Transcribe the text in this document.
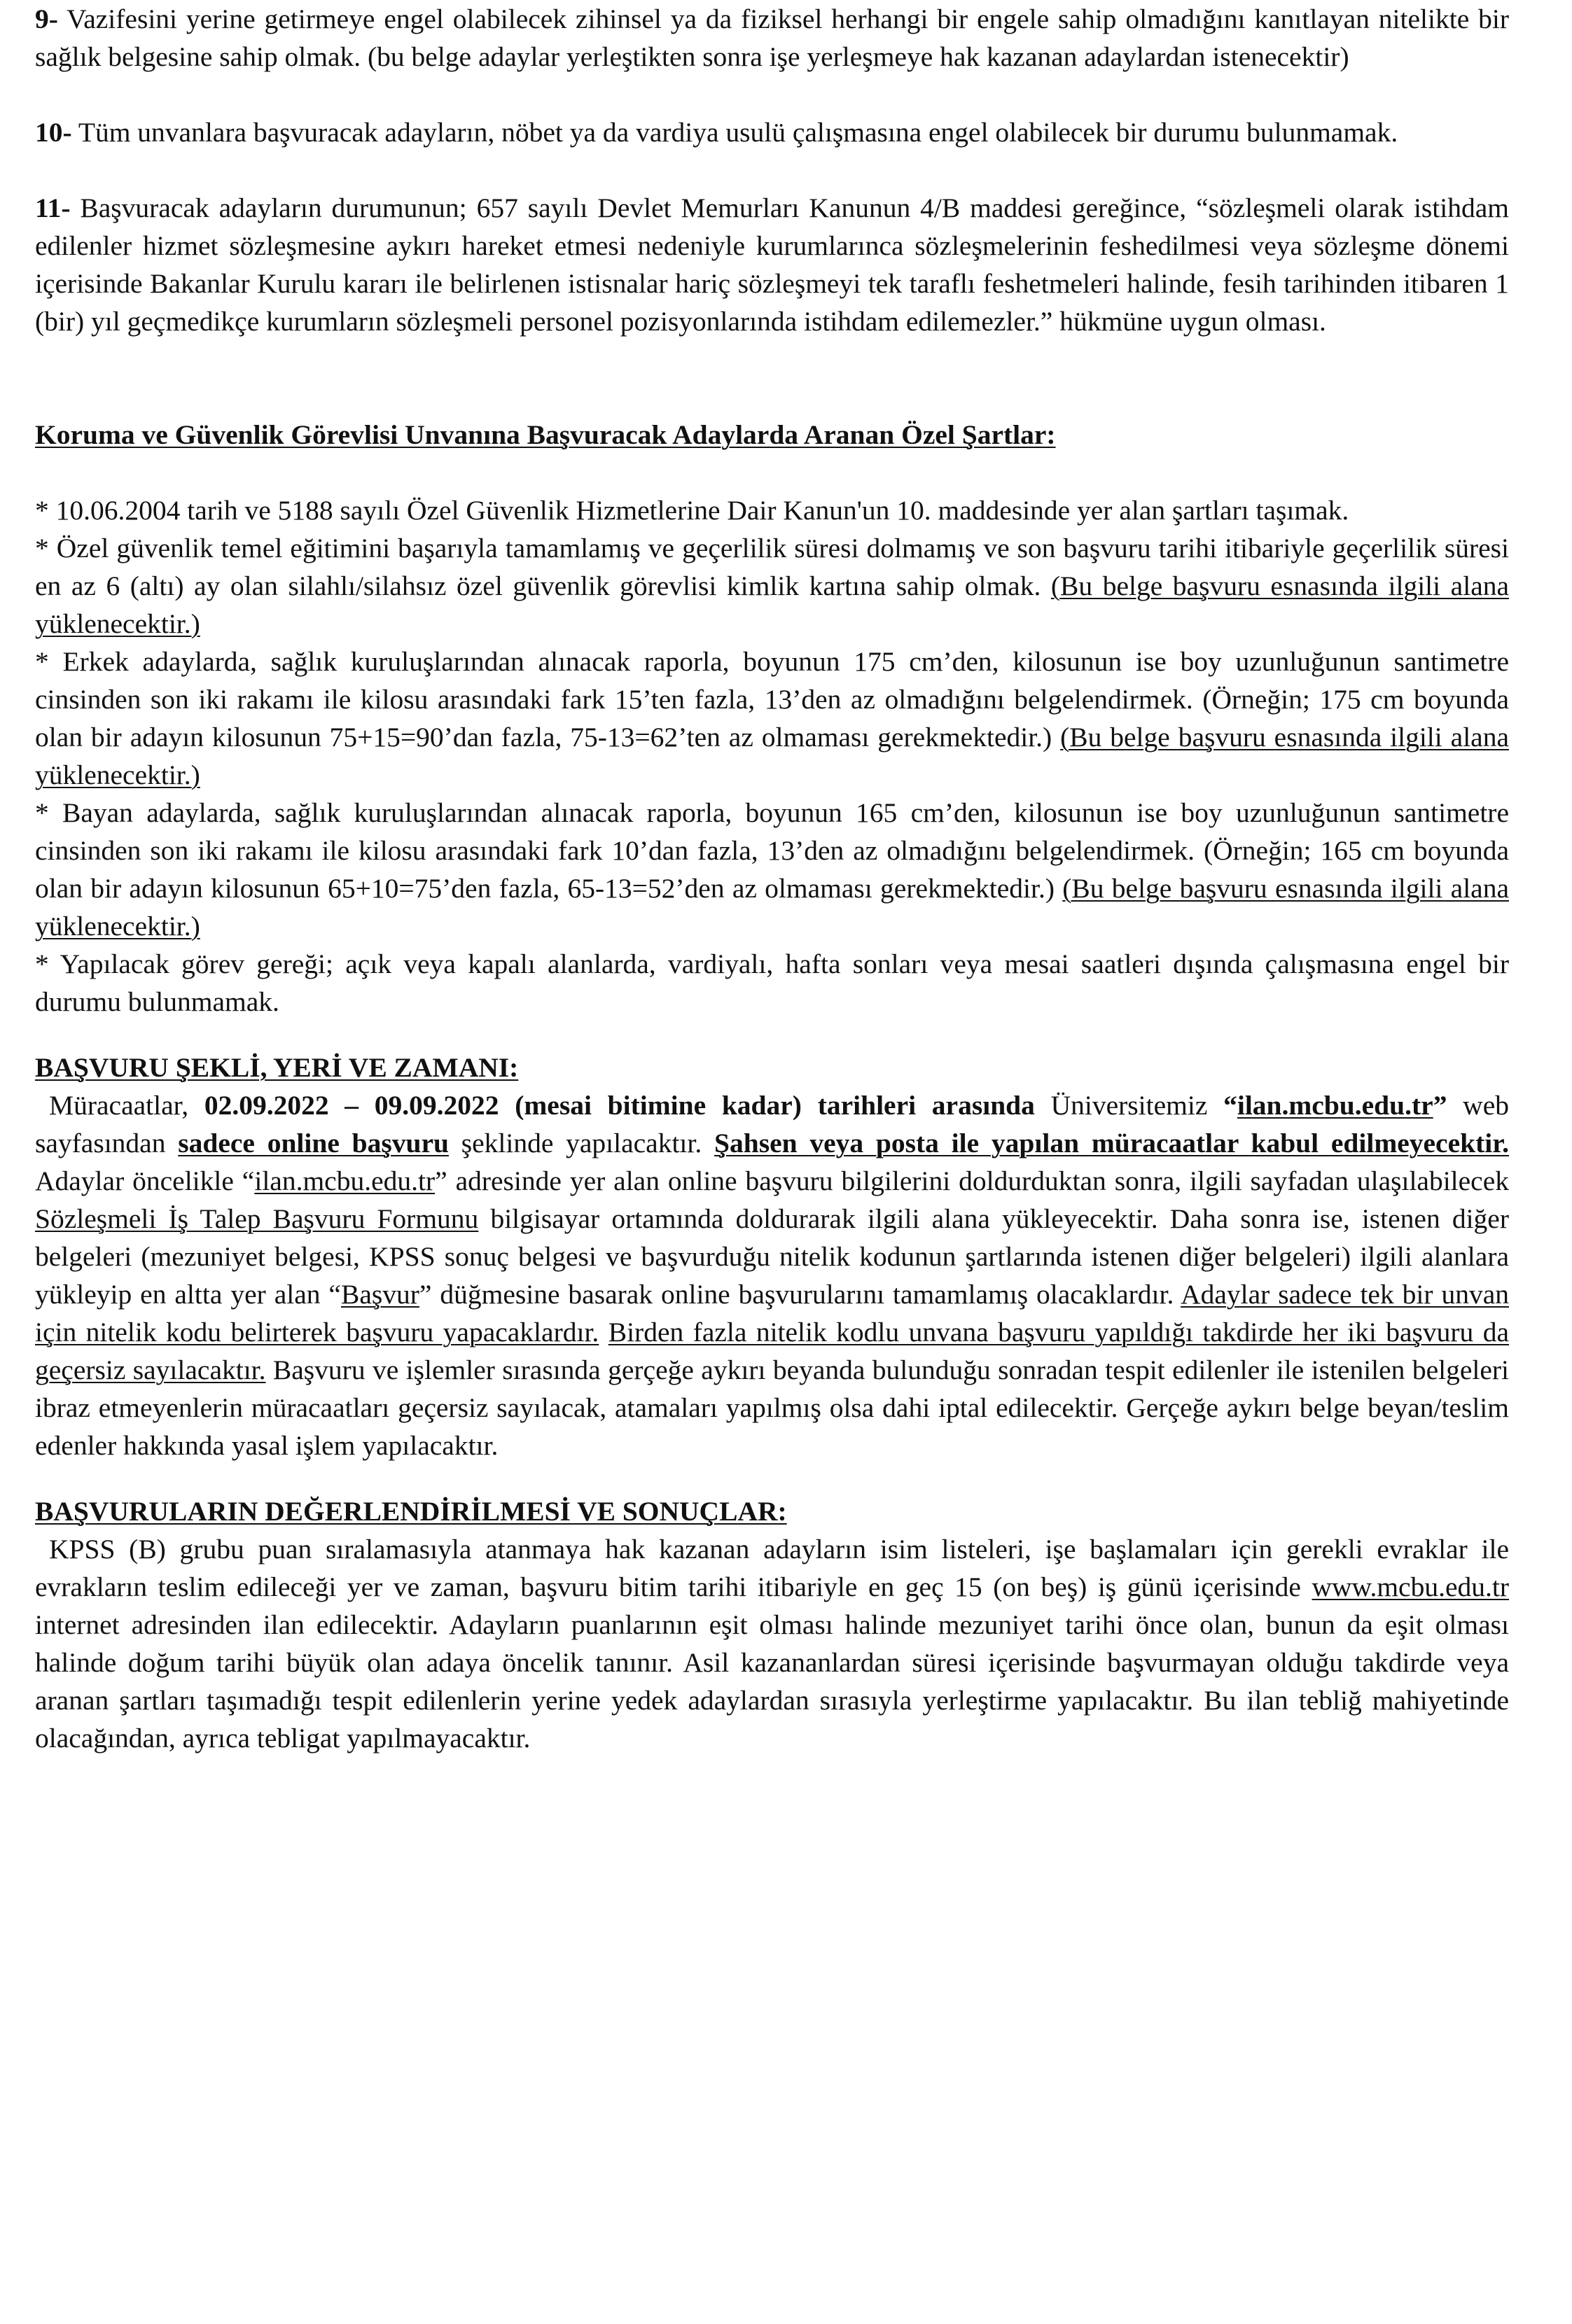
9- Vazifesini yerine getirmeye engel olabilecek zihinsel ya da fiziksel herhangi bir engele sahip olmadığını kanıtlayan nitelikte bir sağlık belgesine sahip olmak. (bu belge adaylar yerleştikten sonra işe yerleşmeye hak kazanan adaylardan istenecektir)

10- Tüm unvanlara başvuracak adayların, nöbet ya da vardiya usulü çalışmasına engel olabilecek bir durumu bulunmamak.

11- Başvuracak adayların durumunun; 657 sayılı Devlet Memurları Kanunun 4/B maddesi gereğince, “sözleşmeli olarak istihdam edilenler hizmet sözleşmesine aykırı hareket etmesi nedeniyle kurumlarınca sözleşmelerinin feshedilmesi veya sözleşme dönemi içerisinde Bakanlar Kurulu kararı ile belirlenen istisnalar hariç sözleşmeyi tek taraflı feshetmeleri halinde, fesih tarihinden itibaren 1 (bir) yıl geçmedikçe kurumların sözleşmeli personel pozisyonlarında istihdam edilemezler.” hükmüne uygun olması.

Koruma ve Güvenlik Görevlisi Unvanına Başvuracak Adaylarda Aranan Özel Şartlar:

* 10.06.2004 tarih ve 5188 sayılı Özel Güvenlik Hizmetlerine Dair Kanun'un 10. maddesinde yer alan şartları taşımak.

* Özel güvenlik temel eğitimini başarıyla tamamlamış ve geçerlilik süresi dolmamış ve son başvuru tarihi itibariyle geçerlilik süresi en az 6 (altı) ay olan silahlı/silahsız özel güvenlik görevlisi kimlik kartına sahip olmak. (Bu belge başvuru esnasında ilgili alana yüklenecektir.)

* Erkek adaylarda, sağlık kuruluşlarından alınacak raporla, boyunun 175 cm’den, kilosunun ise boy uzunluğunun santimetre cinsinden son iki rakamı ile kilosu arasındaki fark 15’ten fazla, 13’den az olmadığını belgelendirmek. (Örneğin; 175 cm boyunda olan bir adayın kilosunun 75+15=90’dan fazla, 75-13=62’ten az olmaması gerekmektedir.) (Bu belge başvuru esnasında ilgili alana yüklenecektir.)

* Bayan adaylarda, sağlık kuruluşlarından alınacak raporla, boyunun 165 cm’den, kilosunun ise boy uzunluğunun santimetre cinsinden son iki rakamı ile kilosu arasındaki fark 10’dan fazla, 13’den az olmadığını belgelendirmek. (Örneğin; 165 cm boyunda olan bir adayın kilosunun 65+10=75’den fazla, 65-13=52’den az olmaması gerekmektedir.) (Bu belge başvuru esnasında ilgili alana yüklenecektir.)

* Yapılacak görev gereği; açık veya kapalı alanlarda, vardiyalı, hafta sonları veya mesai saatleri dışında çalışmasına engel bir durumu bulunmamak.

BAŞVURU ŞEKLİ, YERİ VE ZAMANI:

Müracaatlar, 02.09.2022 – 09.09.2022 (mesai bitimine kadar) tarihleri arasında Üniversitemiz “ilan.mcbu.edu.tr” web sayfasından sadece online başvuru şeklinde yapılacaktır. Şahsen veya posta ile yapılan müracaatlar kabul edilmeyecektir. Adaylar öncelikle “ilan.mcbu.edu.tr” adresinde yer alan online başvuru bilgilerini doldurduktan sonra, ilgili sayfadan ulaşılabilecek Sözleşmeli İş Talep Başvuru Formunu bilgisayar ortamında doldurarak ilgili alana yükleyecektir. Daha sonra ise, istenen diğer belgeleri (mezuniyet belgesi, KPSS sonuç belgesi ve başvurduğu nitelik kodunun şartlarında istenen diğer belgeleri) ilgili alanlara yükleyip en altta yer alan “Başvur” düğmesine basarak online başvurularını tamamlamış olacaklardır. Adaylar sadece tek bir unvan için nitelik kodu belirterek başvuru yapacaklardır. Birden fazla nitelik kodlu unvana başvuru yapıldığı takdirde her iki başvuru da geçersiz sayılacaktır. Başvuru ve işlemler sırasında gerçeğe aykırı beyanda bulunduğu sonradan tespit edilenler ile istenilen belgeleri ibraz etmeyenlerin müracaatları geçersiz sayılacak, atamaları yapılmış olsa dahi iptal edilecektir. Gerçeğe aykırı belge beyan/teslim edenler hakkında yasal işlem yapılacaktır.

BAŞVURULARIN DEĞERLENDİRİLMESİ VE SONUÇLAR:

KPSS (B) grubu puan sıralamasıyla atanmaya hak kazanan adayların isim listeleri, işe başlamaları için gerekli evraklar ile evrakların teslim edileceği yer ve zaman, başvuru bitim tarihi itibariyle en geç 15 (on beş) iş günü içerisinde www.mcbu.edu.tr internet adresinden ilan edilecektir. Adayların puanlarının eşit olması halinde mezuniyet tarihi önce olan, bunun da eşit olması halinde doğum tarihi büyük olan adaya öncelik tanınır. Asil kazananlardan süresi içerisinde başvurmayan olduğu takdirde veya aranan şartları taşımadığı tespit edilenlerin yerine yedek adaylardan sırasıyla yerleştirme yapılacaktır. Bu ilan tebliğ mahiyetinde olacağından, ayrıca tebligat yapılmayacaktır.
